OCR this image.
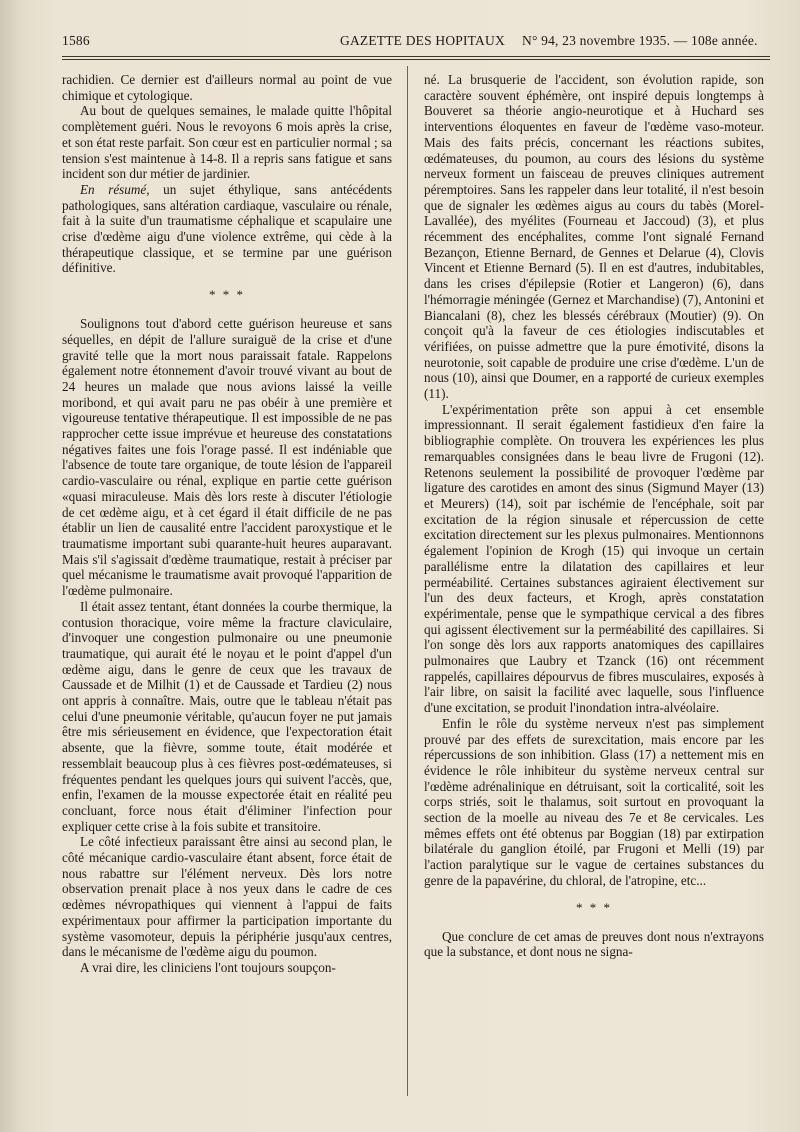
1586	GAZETTE DES HOPITAUX N° 94, 23 novembre 1935. — 108e année.

rachidien. Ce dernier est d'ailleurs normal au point de vue chimique et cytologique.

Au bout de quelques semaines, le malade quitte l'hôpital complètement guéri. Nous le revoyons 6 mois après la crise, et son état reste parfait. Son cœur est en particulier normal ; sa tension s'est maintenue à 14-8. Il a repris sans fatigue et sans incident son dur métier de jardinier.

En résumé, un sujet éthylique, sans antécédents pathologiques, sans altération cardiaque, vasculaire ou rénale, fait à la suite d'un traumatisme céphalique et scapulaire une crise d'œdème aigu d'une violence extrême, qui cède à la thérapeutique classique, et se termine par une guérison définitive.

* * *

Soulignons tout d'abord cette guérison heureuse et sans séquelles, en dépit de l'allure suraiguë de la crise et d'une gravité telle que la mort nous paraissait fatale. Rappelons également notre étonnement d'avoir trouvé vivant au bout de 24 heures un malade que nous avions laissé la veille moribond, et qui avait paru ne pas obéir à une première et vigoureuse tentative thérapeutique. Il est impossible de ne pas rapprocher cette issue imprévue et heureuse des constatations négatives faites une fois l'orage passé. Il est indéniable que l'absence de toute tare organique, de toute lésion de l'appareil cardio-vasculaire ou rénal, explique en partie cette guérison «quasi miraculeuse. Mais dès lors reste à discuter l'étiologie de cet œdème aigu, et à cet égard il était difficile de ne pas établir un lien de causalité entre l'accident paroxystique et le traumatisme important subi quarante-huit heures auparavant. Mais s'il s'agissait d'œdème traumatique, restait à préciser par quel mécanisme le traumatisme avait provoqué l'apparition de l'œdème pulmonaire.

Il était assez tentant, étant données la courbe thermique, la contusion thoracique, voire même la fracture claviculaire, d'invoquer une congestion pulmonaire ou une pneumonie traumatique, qui aurait été le noyau et le point d'appel d'un œdème aigu, dans le genre de ceux que les travaux de Caussade et de Milhit (1) et de Caussade et Tardieu (2) nous ont appris à connaître. Mais, outre que le tableau n'était pas celui d'une pneumonie véritable, qu'aucun foyer ne put jamais être mis sérieusement en évidence, que l'expectoration était absente, que la fièvre, somme toute, était modérée et ressemblait beaucoup plus à ces fièvres post-œdémateuses, si fréquentes pendant les quelques jours qui suivent l'accès, que, enfin, l'examen de la mousse expectorée était en réalité peu concluant, force nous était d'éliminer l'infection pour expliquer cette crise à la fois subite et transitoire.

Le côté infectieux paraissant être ainsi au second plan, le côté mécanique cardio-vasculaire étant absent, force était de nous rabattre sur l'élément nerveux. Dès lors notre observation prenait place à nos yeux dans le cadre de ces œdèmes névropathiques qui viennent à l'appui de faits expérimentaux pour affirmer la participation importante du système vasomoteur, depuis la périphérie jusqu'aux centres, dans le mécanisme de l'œdème aigu du poumon.

A vrai dire, les cliniciens l'ont toujours soupçon-

né. La brusquerie de l'accident, son évolution rapide, son caractère souvent éphémère, ont inspiré depuis longtemps à Bouveret sa théorie angio-neurotique et à Huchard ses interventions éloquentes en faveur de l'œdème vaso-moteur. Mais des faits précis, concernant les réactions subites, œdémateuses, du poumon, au cours des lésions du système nerveux forment un faisceau de preuves cliniques autrement péremptoires. Sans les rappeler dans leur totalité, il n'est besoin que de signaler les œdèmes aigus au cours du tabès (Morel-Lavallée), des myélites (Fourneau et Jaccoud) (3), et plus récemment des encéphalites, comme l'ont signalé Fernand Bezançon, Etienne Bernard, de Gennes et Delarue (4), Clovis Vincent et Etienne Bernard (5). Il en est d'autres, indubitables, dans les crises d'épilepsie (Rotier et Langeron) (6), dans l'hémorragie méningée (Gernez et Marchandise) (7), Antonini et Biancalani (8), chez les blessés cérébraux (Moutier) (9). On conçoit qu'à la faveur de ces étiologies indiscutables et vérifiées, on puisse admettre que la pure émotivité, disons la neurotonie, soit capable de produire une crise d'œdème. L'un de nous (10), ainsi que Doumer, en a rapporté de curieux exemples (11).

L'expérimentation prête son appui à cet ensemble impressionnant. Il serait également fastidieux d'en faire la bibliographie complète. On trouvera les expériences les plus remarquables consignées dans le beau livre de Frugoni (12). Retenons seulement la possibilité de provoquer l'œdème par ligature des carotides en amont des sinus (Sigmund Mayer (13) et Meurers) (14), soit par ischémie de l'encéphale, soit par excitation de la région sinusale et répercussion de cette excitation directement sur les plexus pulmonaires. Mentionnons également l'opinion de Krogh (15) qui invoque un certain parallélisme entre la dilatation des capillaires et leur perméabilité. Certaines substances agiraient électivement sur l'un des deux facteurs, et Krogh, après constatation expérimentale, pense que le sympathique cervical a des fibres qui agissent électivement sur la perméabilité des capillaires. Si l'on songe dès lors aux rapports anatomiques des capillaires pulmonaires que Laubry et Tzanck (16) ont récemment rappelés, capillaires dépourvus de fibres musculaires, exposés à l'air libre, on saisit la facilité avec laquelle, sous l'influence d'une excitation, se produit l'inondation intra-alvéolaire.

Enfin le rôle du système nerveux n'est pas simplement prouvé par des effets de surexcitation, mais encore par les répercussions de son inhibition. Glass (17) a nettement mis en évidence le rôle inhibiteur du système nerveux central sur l'œdème adrénalinique en détruisant, soit la corticalité, soit les corps striés, soit le thalamus, soit surtout en provoquant la section de la moelle au niveau des 7e et 8e cervicales. Les mêmes effets ont été obtenus par Boggian (18) par extirpation bilatérale du ganglion étoilé, par Frugoni et Melli (19) par l'action paralytique sur le vague de certaines substances du genre de la papavérine, du chloral, de l'atropine, etc...

* * *

Que conclure de cet amas de preuves dont nous n'extrayons que la substance, et dont nous ne signa-
